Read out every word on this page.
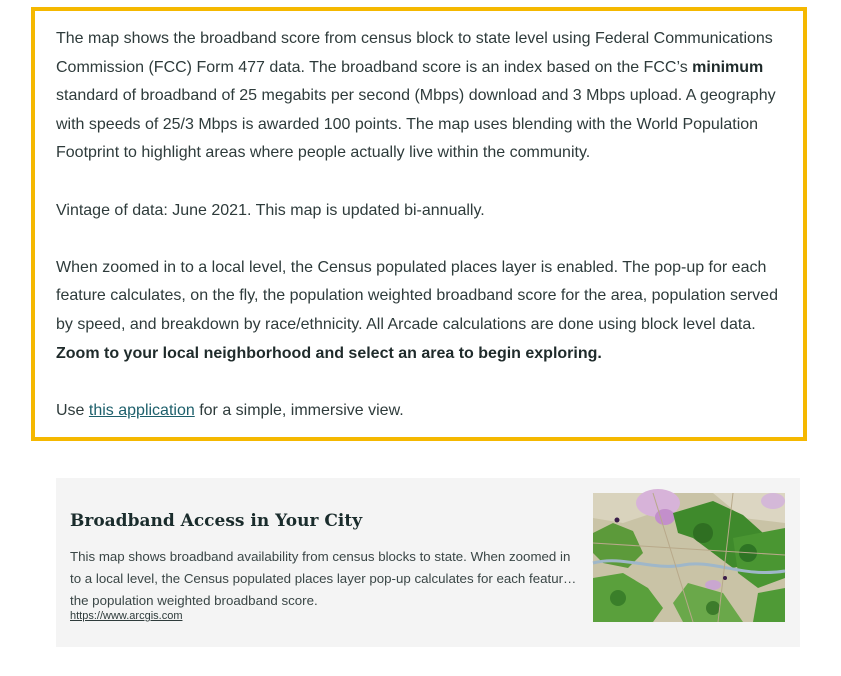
The map shows the broadband score from census block to state level using Federal Communications Commission (FCC) Form 477 data. The broadband score is an index based on the FCC’s minimum standard of broadband of 25 megabits per second (Mbps) download and 3 Mbps upload. A geography with speeds of 25/3 Mbps is awarded 100 points. The map uses blending with the World Population Footprint to highlight areas where people actually live within the community.

Vintage of data: June 2021. This map is updated bi-annually.

When zoomed in to a local level, the Census populated places layer is enabled. The pop-up for each feature calculates, on the fly, the population weighted broadband score for the area, population served by speed, and breakdown by race/ethnicity. All Arcade calculations are done using block level data. Zoom to your local neighborhood and select an area to begin exploring.

Use this application for a simple, immersive view.

Broadband Access in Your City

This map shows broadband availability from census blocks to state. When zoomed in to a local level, the Census populated places layer pop-up calculates for each feature the population weighted broadband score.

https://www.arcgis.com
